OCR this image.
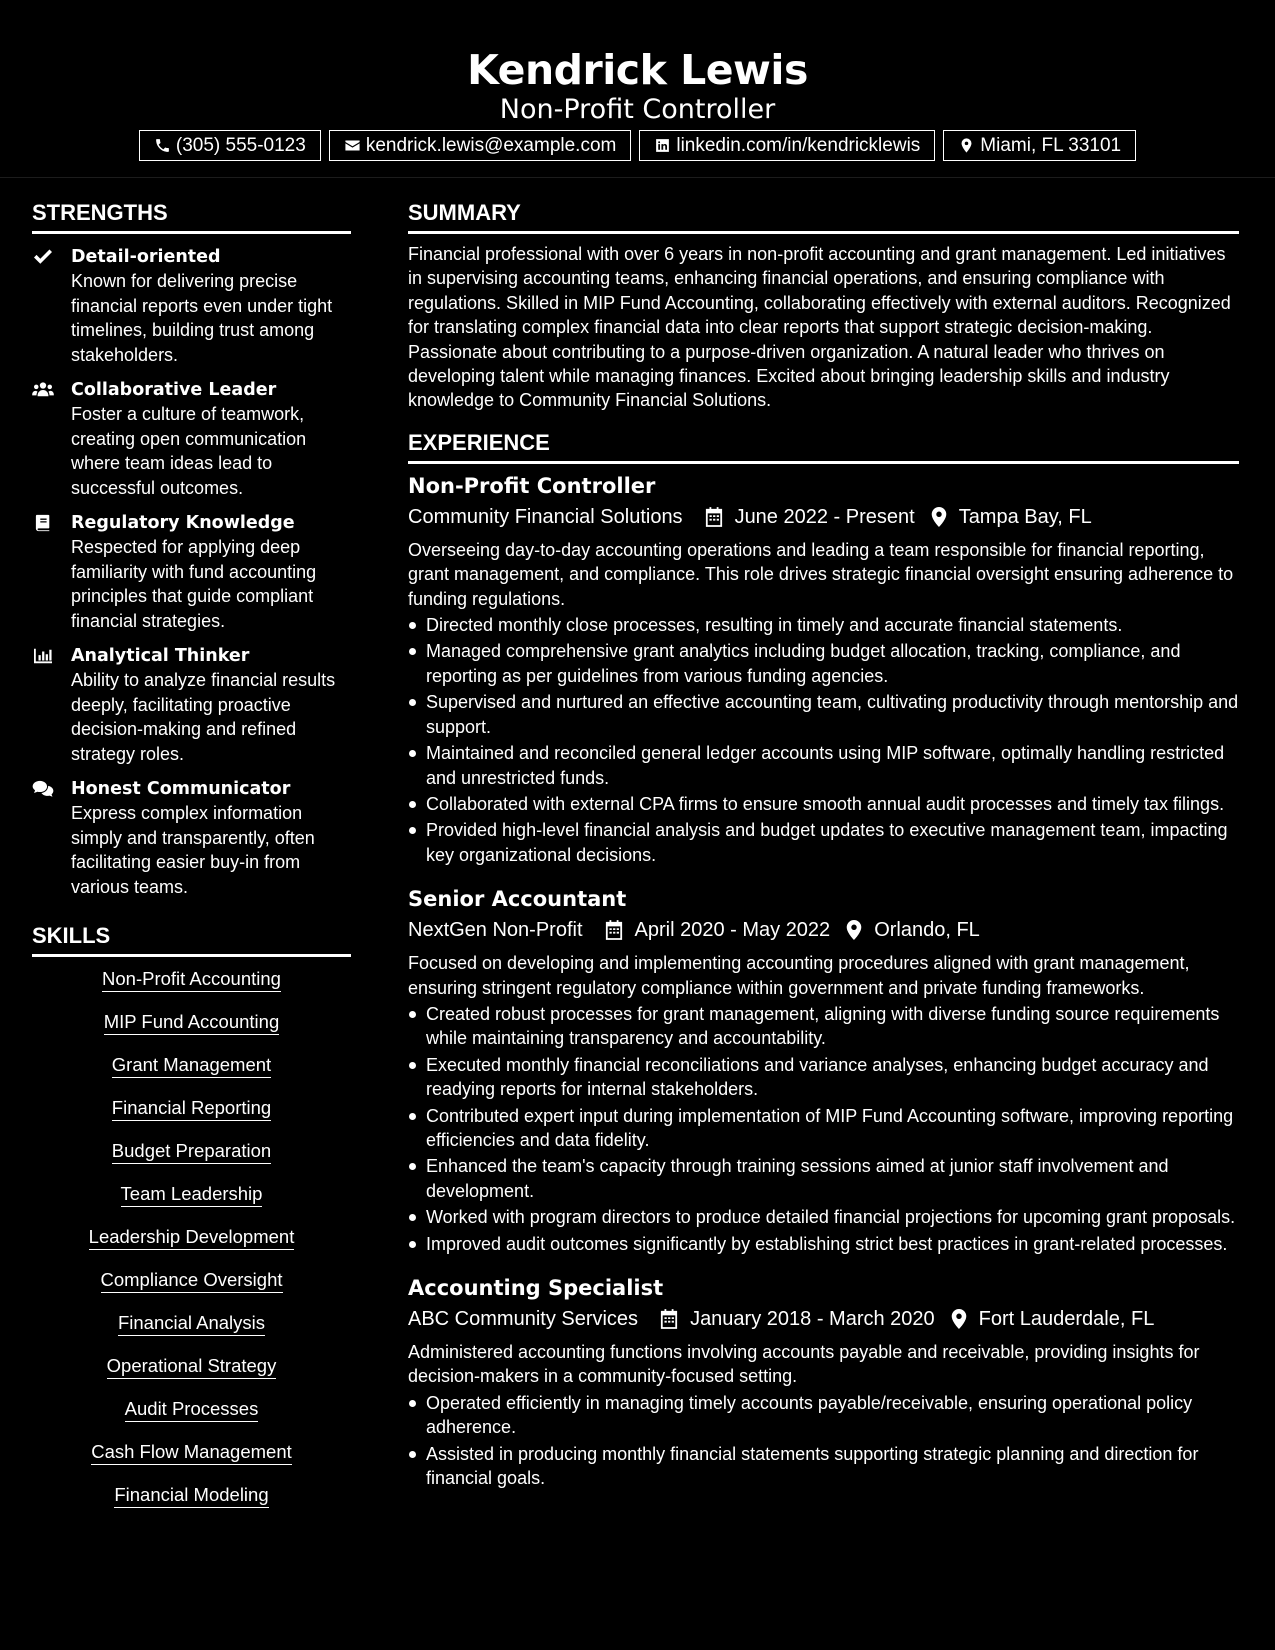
Kendrick Lewis
Non-Profit Controller
(305) 555-0123	kendrick.lewis@example.com	linkedin.com/in/kendricklewis	Miami, FL 33101
STRENGTHS
Detail-oriented
Known for delivering precise financial reports even under tight timelines, building trust among stakeholders.
Collaborative Leader
Foster a culture of teamwork, creating open communication where team ideas lead to successful outcomes.
Regulatory Knowledge
Respected for applying deep familiarity with fund accounting principles that guide compliant financial strategies.
Analytical Thinker
Ability to analyze financial results deeply, facilitating proactive decision-making and refined strategy roles.
Honest Communicator
Express complex information simply and transparently, often facilitating easier buy-in from various teams.
SKILLS
Non-Profit Accounting
MIP Fund Accounting
Grant Management
Financial Reporting
Budget Preparation
Team Leadership
Leadership Development
Compliance Oversight
Financial Analysis
Operational Strategy
Audit Processes
Cash Flow Management
Financial Modeling
SUMMARY
Financial professional with over 6 years in non-profit accounting and grant management. Led initiatives in supervising accounting teams, enhancing financial operations, and ensuring compliance with regulations. Skilled in MIP Fund Accounting, collaborating effectively with external auditors. Recognized for translating complex financial data into clear reports that support strategic decision-making. Passionate about contributing to a purpose-driven organization. A natural leader who thrives on developing talent while managing finances. Excited about bringing leadership skills and industry knowledge to Community Financial Solutions.
EXPERIENCE
Non-Profit Controller
Community Financial Solutions	June 2022 - Present Tampa Bay, FL
Overseeing day-to-day accounting operations and leading a team responsible for financial reporting, grant management, and compliance. This role drives strategic financial oversight ensuring adherence to funding regulations.
Directed monthly close processes, resulting in timely and accurate financial statements.
Managed comprehensive grant analytics including budget allocation, tracking, compliance, and reporting as per guidelines from various funding agencies.
Supervised and nurtured an effective accounting team, cultivating productivity through mentorship and support.
Maintained and reconciled general ledger accounts using MIP software, optimally handling restricted and unrestricted funds.
Collaborated with external CPA firms to ensure smooth annual audit processes and timely tax filings.
Provided high-level financial analysis and budget updates to executive management team, impacting key organizational decisions.
Senior Accountant
NextGen Non-Profit	April 2020 - May 2022 Orlando, FL
Focused on developing and implementing accounting procedures aligned with grant management, ensuring stringent regulatory compliance within government and private funding frameworks.
Created robust processes for grant management, aligning with diverse funding source requirements while maintaining transparency and accountability.
Executed monthly financial reconciliations and variance analyses, enhancing budget accuracy and readying reports for internal stakeholders.
Contributed expert input during implementation of MIP Fund Accounting software, improving reporting efficiencies and data fidelity.
Enhanced the team's capacity through training sessions aimed at junior staff involvement and development.
Worked with program directors to produce detailed financial projections for upcoming grant proposals.
Improved audit outcomes significantly by establishing strict best practices in grant-related processes.
Accounting Specialist
ABC Community Services	January 2018 - March 2020 Fort Lauderdale, FL
Administered accounting functions involving accounts payable and receivable, providing insights for decision-makers in a community-focused setting.
Operated efficiently in managing timely accounts payable/receivable, ensuring operational policy adherence.
Assisted in producing monthly financial statements supporting strategic planning and direction for financial goals.
